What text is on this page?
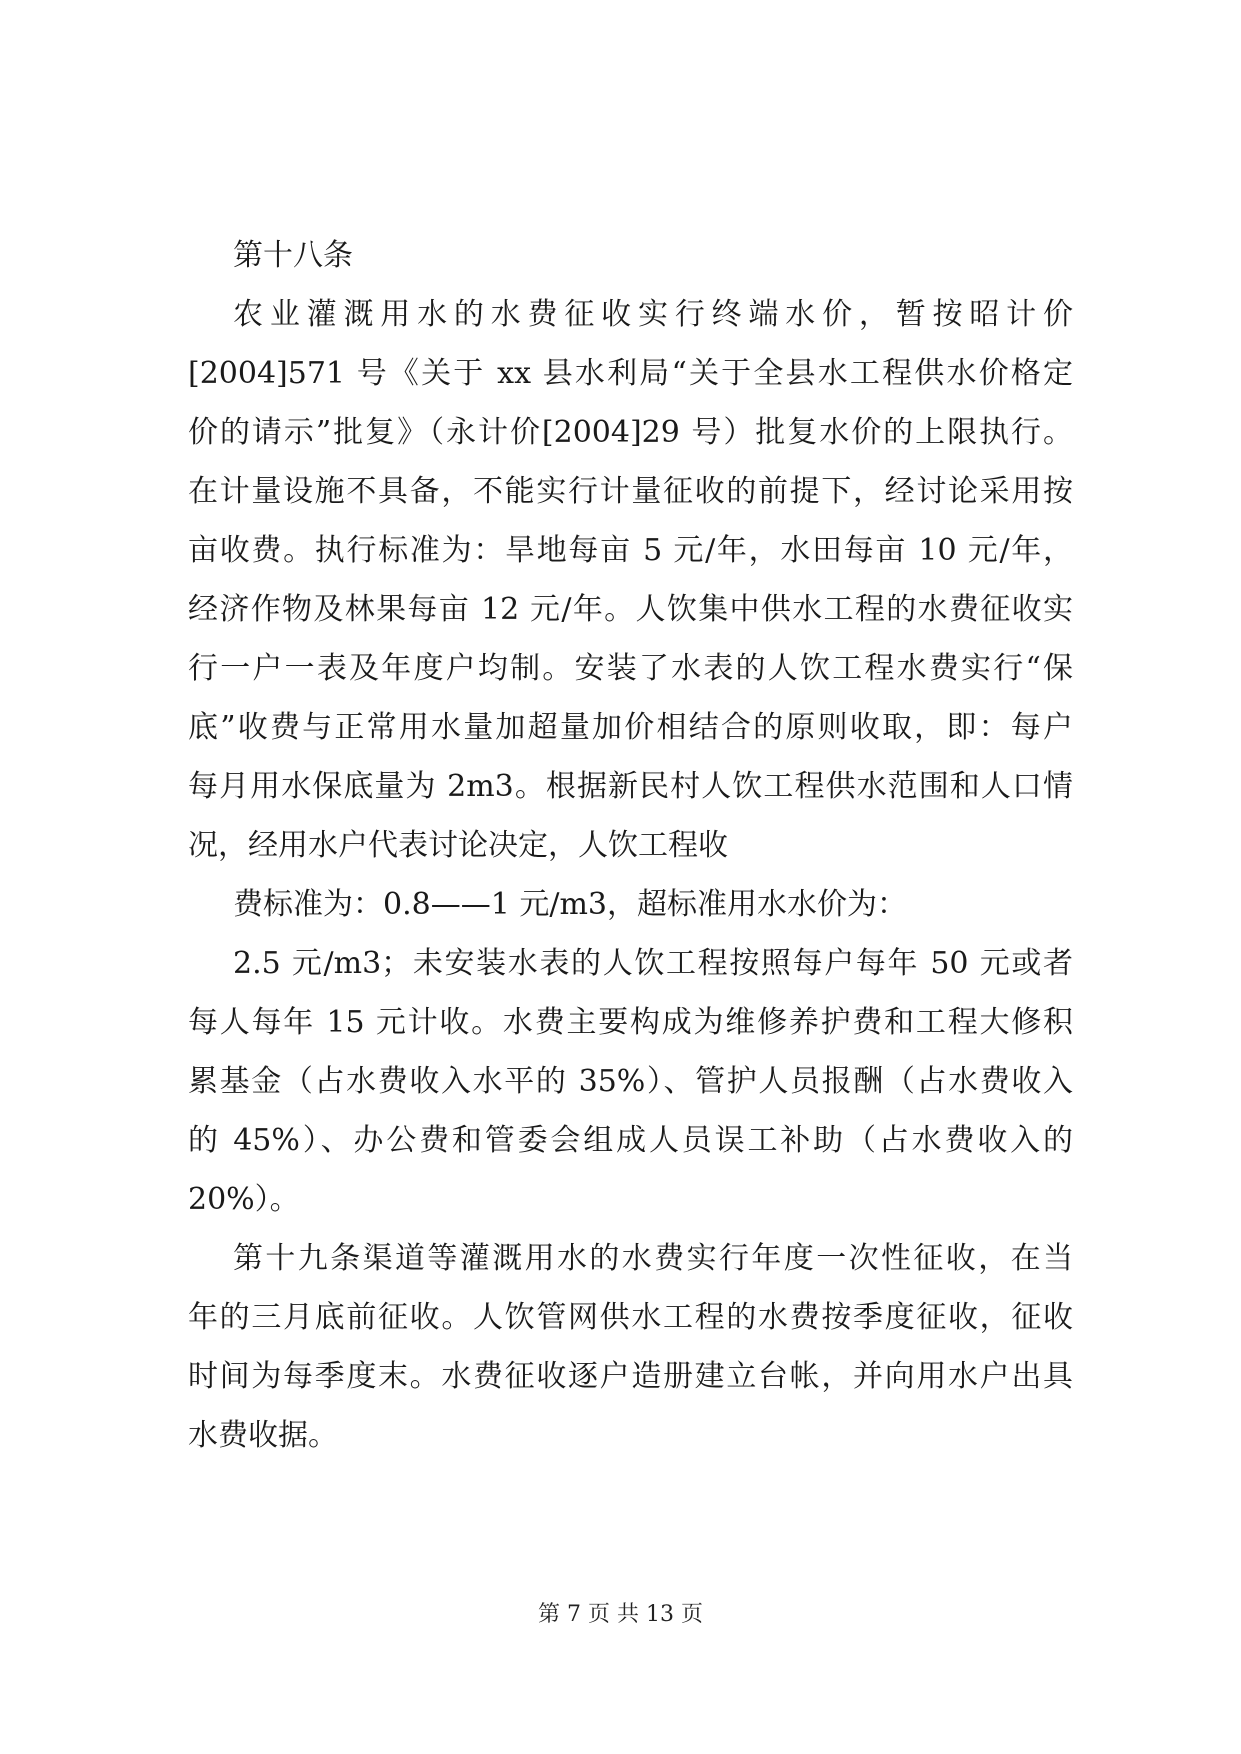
第十八条
农业灌溉用水的水费征收实行终端水价，暂按昭计价
[2004]571 号《关于 xx 县水利局“关于全县水工程供水价格定
价的请示”批复》（永计价[2004]29 号）批复水价的上限执行。
在计量设施不具备，不能实行计量征收的前提下，经讨论采用按
亩收费。执行标准为：旱地每亩 5 元/年，水田每亩 10 元/年，
经济作物及林果每亩 12 元/年。人饮集中供水工程的水费征收实
行一户一表及年度户均制。安装了水表的人饮工程水费实行“保
底”收费与正常用水量加超量加价相结合的原则收取，即：每户
每月用水保底量为 2m3。根据新民村人饮工程供水范围和人口情
况，经用水户代表讨论决定，人饮工程收
费标准为：0.8——1 元/m3，超标准用水水价为：
2.5 元/m3；未安装水表的人饮工程按照每户每年 50 元或者
每人每年 15 元计收。水费主要构成为维修养护费和工程大修积
累基金（占水费收入水平的 35%）、管护人员报酬（占水费收入
的 45%）、办公费和管委会组成人员误工补助（占水费收入的
20%）。
第十九条渠道等灌溉用水的水费实行年度一次性征收，在当
年的三月底前征收。人饮管网供水工程的水费按季度征收，征收
时间为每季度末。水费征收逐户造册建立台帐，并向用水户出具
水费收据。
第 7 页 共 13 页
